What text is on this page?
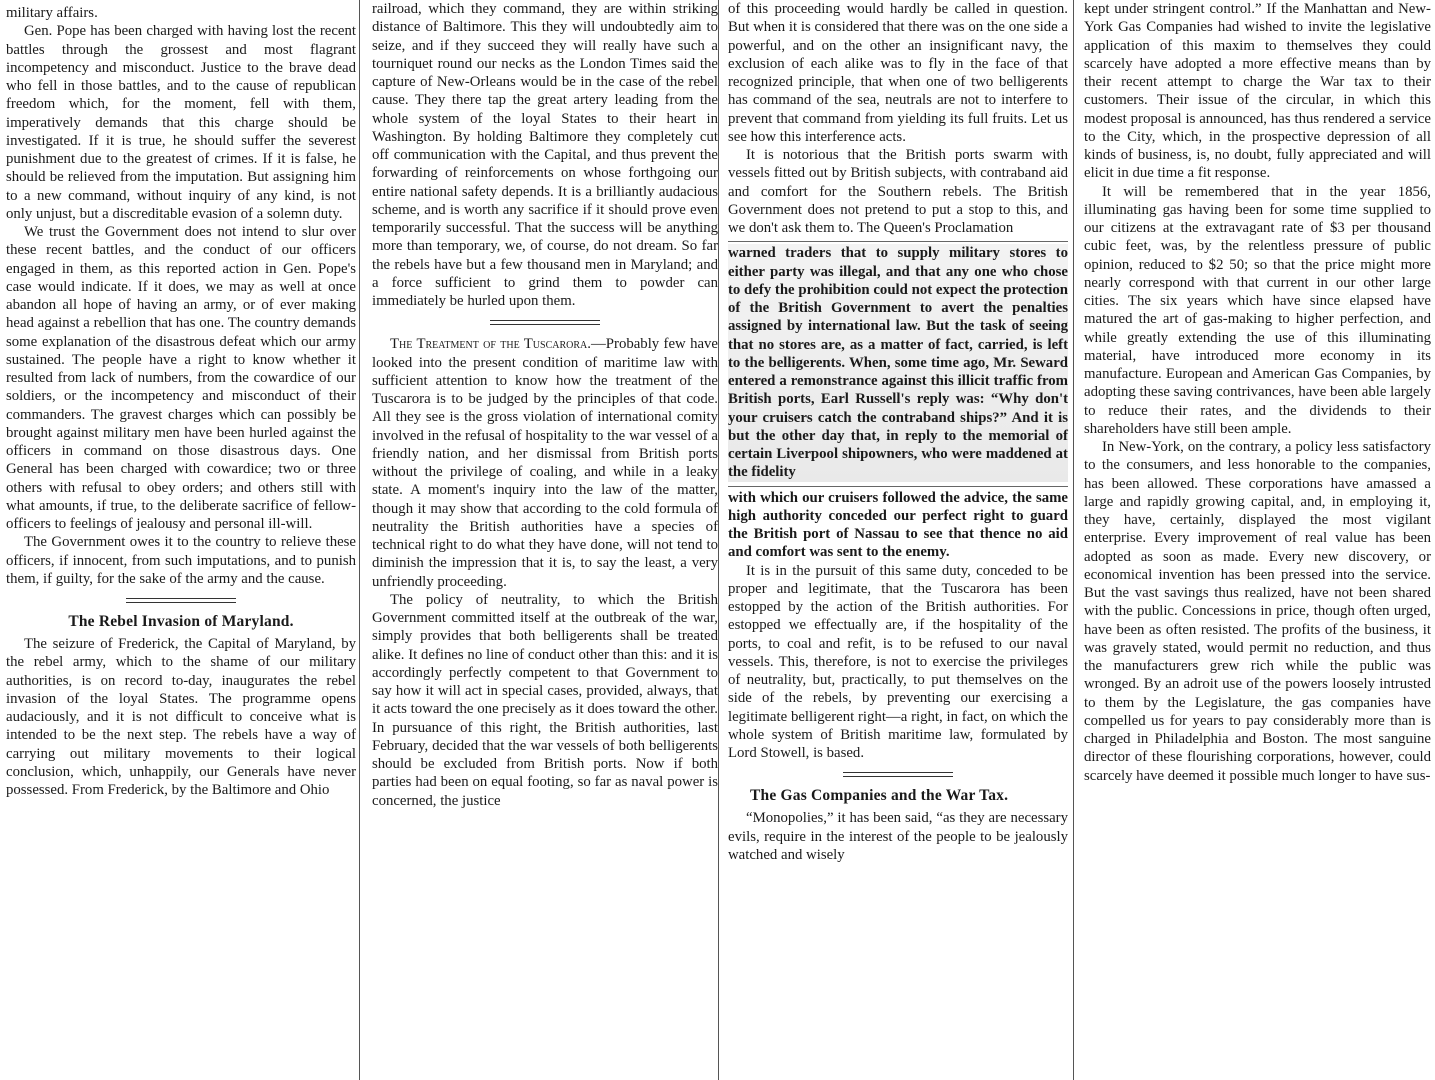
military affairs.

Gen. Pope has been charged with having lost the recent battles through the grossest and most flagrant incompetency and misconduct. Justice to the brave dead who fell in those battles, and to the cause of republican freedom which, for the moment, fell with them, imperatively demands that this charge should be investigated. If it is true, he should suffer the severest punishment due to the greatest of crimes. If it is false, he should be relieved from the imputation. But assigning him to a new command, without inquiry of any kind, is not only unjust, but a discreditable evasion of a solemn duty.

We trust the Government does not intend to slur over these recent battles, and the conduct of our officers engaged in them, as this reported action in Gen. Pope's case would indicate. If it does, we may as well at once abandon all hope of having an army, or of ever making head against a rebellion that has one. The country demands some explanation of the disastrous defeat which our army sustained. The people have a right to know whether it resulted from lack of numbers, from the cowardice of our soldiers, or the incompetency and misconduct of their commanders. The gravest charges which can possibly be brought against military men have been hurled against the officers in command on those disastrous days. One General has been charged with cowardice; two or three others with refusal to obey orders; and others still with what amounts, if true, to the deliberate sacrifice of fellow-officers to feelings of jealousy and personal ill-will.

The Government owes it to the country to relieve these officers, if innocent, from such imputations, and to punish them, if guilty, for the sake of the army and the cause.

The Rebel Invasion of Maryland.

The seizure of Frederick, the Capital of Maryland, by the rebel army, which to the shame of our military authorities, is on record to-day, inaugurates the rebel invasion of the loyal States. The programme opens audaciously, and it is not difficult to conceive what is intended to be the next step. The rebels have a way of carrying out military movements to their logical conclusion, which, unhappily, our Generals have never possessed. From Frederick, by the Baltimore and Ohio

railroad, which they command, they are within striking distance of Baltimore. This they will undoubtedly aim to seize, and if they succeed they will really have such a tourniquet round our necks as the London Times said the capture of New-Orleans would be in the case of the rebel cause. They there tap the great artery leading from the whole system of the loyal States to their heart in Washington. By holding Baltimore they completely cut off communication with the Capital, and thus prevent the forwarding of reinforcements on whose forthgoing our entire national safety depends. It is a brilliantly audacious scheme, and is worth any sacrifice if it should prove even temporarily successful. That the success will be anything more than temporary, we, of course, do not dream. So far the rebels have but a few thousand men in Maryland; and a force sufficient to grind them to powder can immediately be hurled upon them.

The Treatment of the Tuscarora.—Probably few have looked into the present condition of maritime law with sufficient attention to know how the treatment of the Tuscarora is to be judged by the principles of that code. All they see is the gross violation of international comity involved in the refusal of hospitality to the war vessel of a friendly nation, and her dismissal from British ports without the privilege of coaling, and while in a leaky state. A moment's inquiry into the law of the matter, though it may show that according to the cold formula of neutrality the British authorities have a species of technical right to do what they have done, will not tend to diminish the impression that it is, to say the least, a very unfriendly proceeding.

The policy of neutrality, to which the British Government committed itself at the outbreak of the war, simply provides that both belligerents shall be treated alike. It defines no line of conduct other than this: and it is accordingly perfectly competent to that Government to say how it will act in special cases, provided, always, that it acts toward the one precisely as it does toward the other. In pursuance of this right, the British authorities, last February, decided that the war vessels of both belligerents should be excluded from British ports. Now if both parties had been on equal footing, so far as naval power is concerned, the justice

of this proceeding would hardly be called in question. But when it is considered that there was on the one side a powerful, and on the other an insignificant navy, the exclusion of each alike was to fly in the face of that recognized principle, that when one of two belligerents has command of the sea, neutrals are not to interfere to prevent that command from yielding its full fruits. Let us see how this interference acts.

It is notorious that the British ports swarm with vessels fitted out by British subjects, with contraband aid and comfort for the Southern rebels. The British Government does not pretend to put a stop to this, and we don't ask them to. The Queen's Proclamation

warned traders that to supply military stores to either party was illegal, and that any one who chose to defy the prohibition could not expect the protection of the British Government to avert the penalties assigned by international law. But the task of seeing that no stores are, as a matter of fact, carried, is left to the belligerents. When, some time ago, Mr. Seward entered a remonstrance against this illicit traffic from British ports, Earl Russell's reply was: “Why don't your cruisers catch the contraband ships?” And it is but the other day that, in reply to the memorial of certain Liverpool shipowners, who were maddened at the fidelity

with which our cruisers followed the advice, the same high authority conceded our perfect right to guard the British port of Nassau to see that thence no aid and comfort was sent to the enemy.

It is in the pursuit of this same duty, conceded to be proper and legitimate, that the Tuscarora has been estopped by the action of the British authorities. For estopped we effectually are, if the hospitality of the ports, to coal and refit, is to be refused to our naval vessels. This, therefore, is not to exercise the privileges of neutrality, but, practically, to put themselves on the side of the rebels, by preventing our exercising a legitimate belligerent right—a right, in fact, on which the whole system of British maritime law, formulated by Lord Stowell, is based.

The Gas Companies and the War Tax.

“Monopolies,” it has been said, “as they are necessary evils, require in the interest of the people to be jealously watched and wisely

kept under stringent control.” If the Manhattan and New-York Gas Companies had wished to invite the legislative application of this maxim to themselves they could scarcely have adopted a more effective means than by their recent attempt to charge the War tax to their customers. Their issue of the circular, in which this modest proposal is announced, has thus rendered a service to the City, which, in the prospective depression of all kinds of business, is, no doubt, fully appreciated and will elicit in due time a fit response.

It will be remembered that in the year 1856, illuminating gas having been for some time supplied to our citizens at the extravagant rate of $3 per thousand cubic feet, was, by the relentless pressure of public opinion, reduced to $2 50; so that the price might more nearly correspond with that current in our other large cities. The six years which have since elapsed have matured the art of gas-making to higher perfection, and while greatly extending the use of this illuminating material, have introduced more economy in its manufacture. European and American Gas Companies, by adopting these saving contrivances, have been able largely to reduce their rates, and the dividends to their shareholders have still been ample.

In New-York, on the contrary, a policy less satisfactory to the consumers, and less honorable to the companies, has been allowed. These corporations have amassed a large and rapidly growing capital, and, in employing it, they have, certainly, displayed the most vigilant enterprise. Every improvement of real value has been adopted as soon as made. Every new discovery, or economical invention has been pressed into the service. But the vast savings thus realized, have not been shared with the public. Concessions in price, though often urged, have been as often resisted. The profits of the business, it was gravely stated, would permit no reduction, and thus the manufacturers grew rich while the public was wronged. By an adroit use of the powers loosely intrusted to them by the Legislature, the gas companies have compelled us for years to pay considerably more than is charged in Philadelphia and Boston. The most sanguine director of these flourishing corporations, however, could scarcely have deemed it possible much longer to have sus-
